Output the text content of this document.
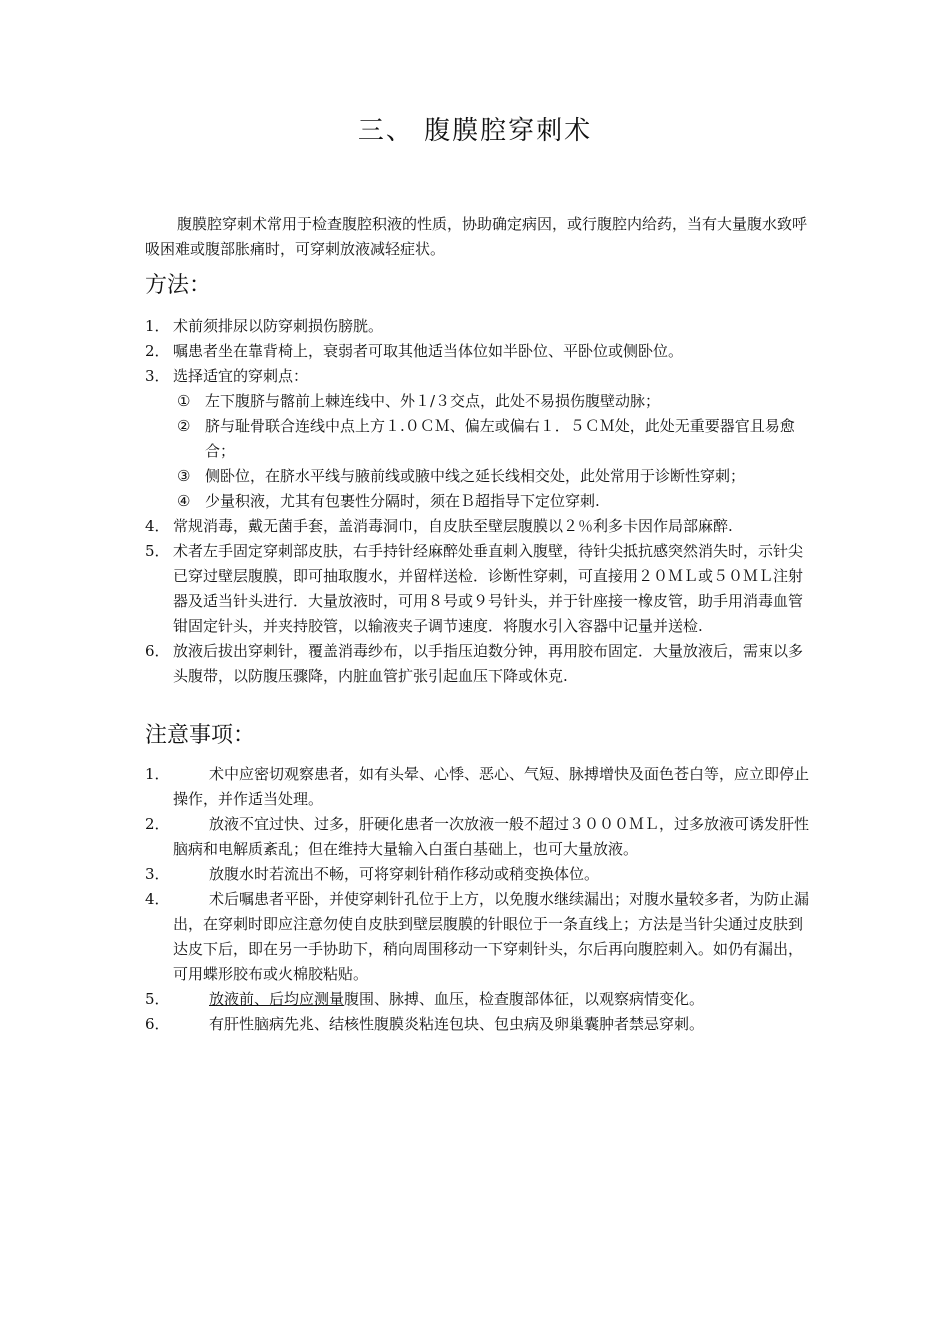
三、 腹膜腔穿刺术
腹膜腔穿刺术常用于检查腹腔积液的性质，协助确定病因，或行腹腔内给药，当有大量腹水致呼吸困难或腹部胀痛时，可穿刺放液减轻症状。
方法：
1． 术前须排尿以防穿刺损伤膀胱。
2． 嘱患者坐在靠背椅上，衰弱者可取其他适当体位如半卧位、平卧位或侧卧位。
3． 选择适宜的穿刺点：
① 左下腹脐与髂前上棘连线中、外１/３交点，此处不易损伤腹壁动脉；
② 脐与耻骨联合连线中点上方１.０ＣＭ、偏左或偏右１．５ＣＭ处，此处无重要器官且易愈合；
③ 侧卧位，在脐水平线与腋前线或腋中线之延长线相交处，此处常用于诊断性穿刺；
④ 少量积液，尤其有包裹性分隔时，须在Ｂ超指导下定位穿刺.
4． 常规消毒，戴无菌手套，盖消毒洞巾，自皮肤至壁层腹膜以２％利多卡因作局部麻醉.
5． 术者左手固定穿刺部皮肤，右手持针经麻醉处垂直刺入腹壁，待针尖抵抗感突然消失时，示针尖已穿过壁层腹膜，即可抽取腹水，并留样送检．诊断性穿刺，可直接用２０ＭＬ或５０ＭＬ注射器及适当针头进行．大量放液时，可用８号或９号针头，并于针座接一橡皮管，助手用消毒血管钳固定针头，并夹持胶管，以输液夹子调节速度．将腹水引入容器中记量并送检.
6． 放液后拔出穿刺针，覆盖消毒纱布，以手指压迫数分钟，再用胶布固定．大量放液后，需束以多头腹带，以防腹压骤降，内脏血管扩张引起血压下降或休克.
注意事项：
1．	术中应密切观察患者，如有头晕、心悸、恶心、气短、脉搏增快及面色苍白等，应立即停止操作，并作适当处理。
2．	放液不宜过快、过多，肝硬化患者一次放液一般不超过３０００ＭＬ，过多放液可诱发肝性脑病和电解质紊乱；但在维持大量输入白蛋白基础上，也可大量放液。
3．	放腹水时若流出不畅，可将穿刺针稍作移动或稍变换体位。
4．	术后嘱患者平卧，并使穿刺针孔位于上方，以免腹水继续漏出；对腹水量较多者，为防止漏出，在穿刺时即应注意勿使自皮肤到壁层腹膜的针眼位于一条直线上；方法是当针尖通过皮肤到达皮下后，即在另一手协助下，稍向周围移动一下穿刺针头，尔后再向腹腔刺入。如仍有漏出，可用蝶形胶布或火棉胶粘贴。
5．	放液前、后均应测量腹围、脉搏、血压，检查腹部体征，以观察病情变化。
6．	有肝性脑病先兆、结核性腹膜炎粘连包块、包虫病及卵巢囊肿者禁忌穿刺。
